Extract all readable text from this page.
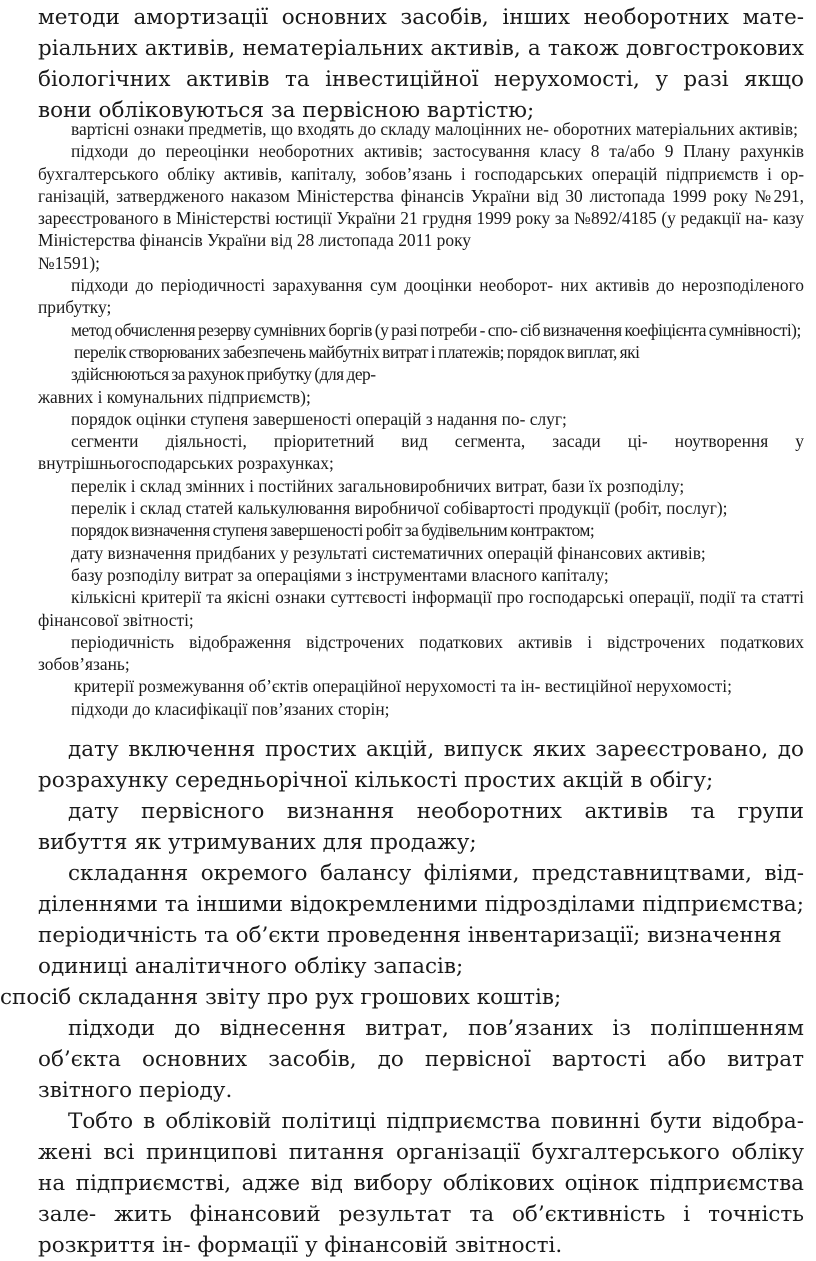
методи амортизації основних засобів, інших необоротних мате- ріальних активів, нематеріальних активів, а також довгострокових біологічних активів та інвестиційної нерухомості, у разі якщо вони обліковуються за первісною вартістю;

вартісні ознаки предметів, що входять до складу малоцінних не- оборотних матеріальних активів;

підходи до переоцінки необоротних активів; застосування класу 8 та/або 9 Плану рахунків бухгалтерського обліку активів, капіталу, зобов’язань і господарських операцій підприємств і ор- ганізацій, затвердженого наказом Міністерства фінансів України від 30 листопада 1999 року №291, зареєстрованого в Міністерстві юстиції України 21 грудня 1999 року за №892/4185 (у редакції на- казу Міністерства фінансів України від 28 листопада 2011 року

№1591);

підходи до періодичності зарахування сум дооцінки необорот- них активів до нерозподіленого прибутку;

метод обчислення резерву сумнівних боргів (у разі потреби - спо- сіб визначення коефіцієнта сумнівності);

перелік створюваних забезпечень майбутніх витрат і платежів; порядок виплат, які

здійснюються за рахунок прибутку (для дер-

жавних і комунальних підприємств);

порядок оцінки ступеня завершеності операцій з надання по- слуг;

сегменти діяльності, пріоритетний вид сегмента, засади ці- ноутворення у внутрішньогосподарських розрахунках;

перелік і склад змінних і постійних загальновиробничих витрат, бази їх розподілу;

перелік і склад статей калькулювання виробничої собівартості продукції (робіт, послуг);

порядок визначення ступеня завершеності робіт за будівельним контрактом;

дату визначення придбаних у результаті систематичних операцій фінансових активів;

базу розподілу витрат за операціями з інструментами власного капіталу;

кількісні критерії та якісні ознаки суттєвості інформації про господарські операції, події та статті фінансової звітності;

періодичність відображення відстрочених податкових активів і відстрочених податкових зобов’язань;

критерії розмежування об’єктів операційної нерухомості та ін- вестиційної нерухомості;

підходи до класифікації пов’язаних сторін;

дату включення простих акцій, випуск яких зареєстровано, до розрахунку середньорічної кількості простих акцій в обігу;

дату первісного визнання необоротних активів та групи вибуття як утримуваних для продажу;

складання окремого балансу філіями, представництвами, від- діленнями та іншими відокремленими підрозділами підприємства; періодичність та об’єкти проведення інвентаризації; визначення

одиниці аналітичного обліку запасів;

спосіб складання звіту про рух грошових коштів;

підходи до віднесення витрат, пов’язаних із поліпшенням об’єкта основних засобів, до первісної вартості або витрат звітного періоду.

Тобто в обліковій політиці підприємства повинні бути відобра- жені всі принципові питання організації бухгалтерського обліку на підприємстві, адже від вибору облікових оцінок підприємства зале- жить фінансовий результат та об’єктивність і точність розкриття ін- формації у фінансовій звітності.
